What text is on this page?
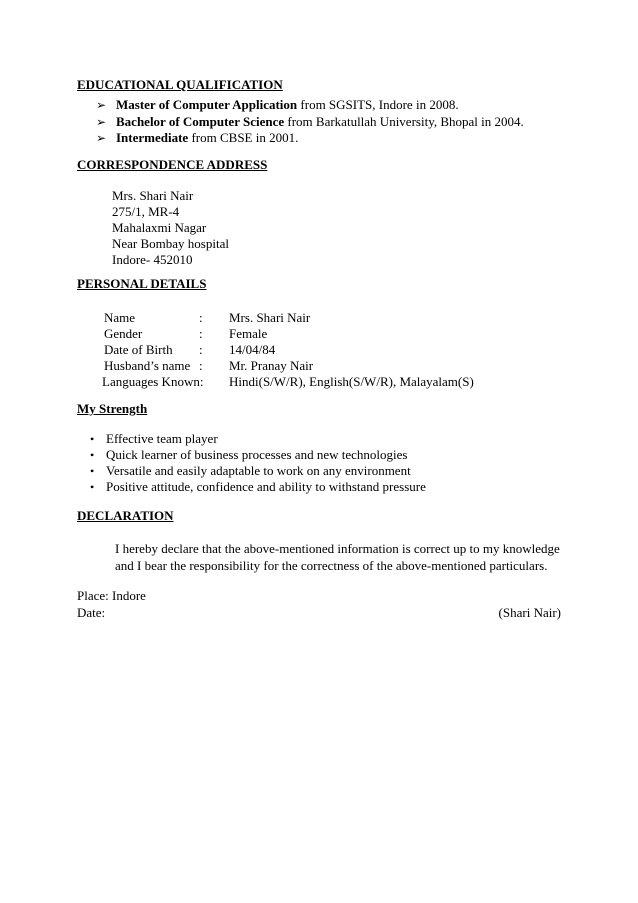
EDUCATIONAL QUALIFICATION
➢ Master of Computer Application from SGSITS, Indore in 2008.
➢ Bachelor of Computer Science from Barkatullah University, Bhopal in 2004.
➢ Intermediate from CBSE in 2001.
CORRESPONDENCE ADDRESS
Mrs. Shari Nair
275/1, MR-4
Mahalaxmi Nagar
Near Bombay hospital
Indore- 452010
PERSONAL DETAILS
Name	: Mrs. Shari Nair
Gender	: Female
Date of Birth : 14/04/84
Husband’s name : Mr. Pranay Nair
Languages Known: Hindi(S/W/R), English(S/W/R), Malayalam(S)
My Strength
• Effective team player
• Quick learner of business processes and new technologies
• Versatile and easily adaptable to work on any environment
• Positive attitude, confidence and ability to withstand pressure
DECLARATION
I hereby declare that the above-mentioned information is correct up to my knowledge
and I bear the responsibility for the correctness of the above-mentioned particulars.
Place: Indore
Date:	(Shari Nair)
